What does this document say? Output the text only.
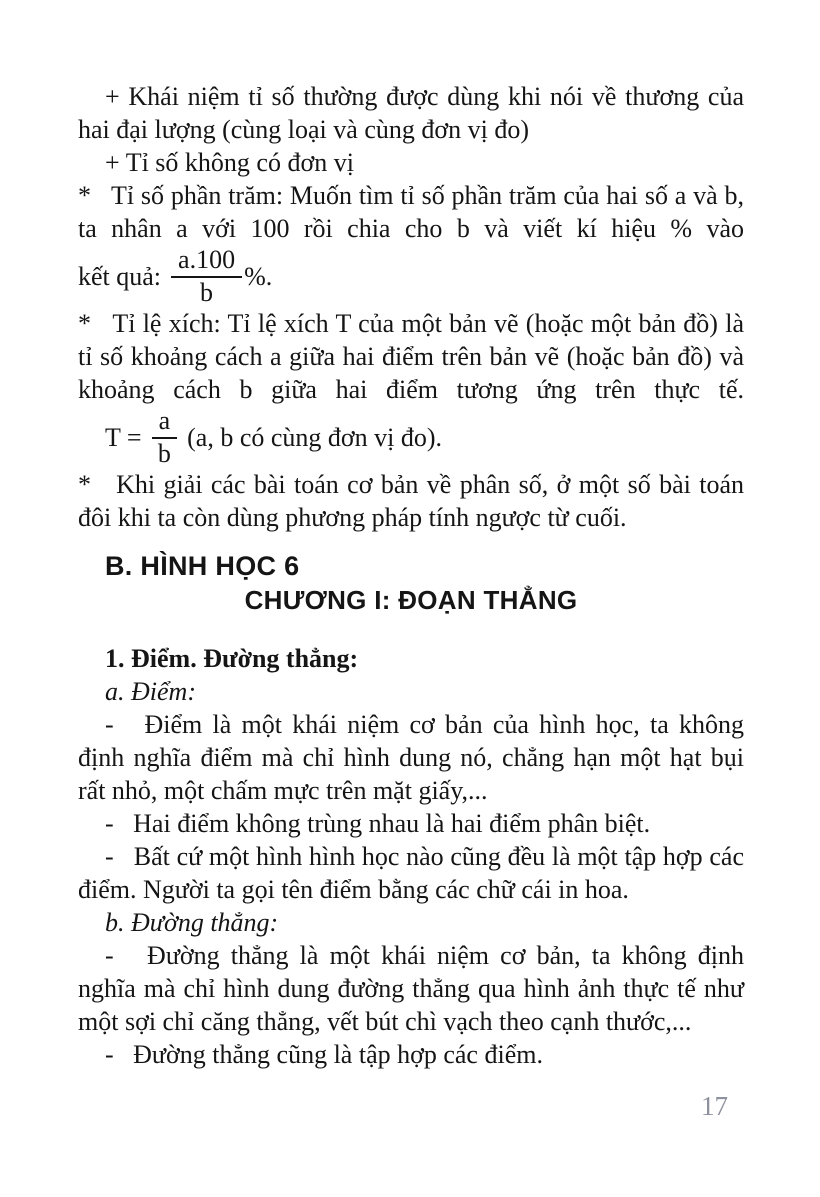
+ Khái niệm tỉ số thường được dùng khi nói về thương của hai đại lượng (cùng loại và cùng đơn vị đo)

+ Tỉ số không có đơn vị

*   Tỉ số phần trăm: Muốn tìm tỉ số phần trăm của hai số a và b, ta nhân a với 100 rồi chia cho b và viết kí hiệu % vào

kết quả: $\frac{a.100}{b}$ %.

*   Tỉ lệ xích: Tỉ lệ xích T của một bản vẽ (hoặc một bản đồ) là tỉ số khoảng cách a giữa hai điểm trên bản vẽ (hoặc bản đồ) và khoảng cách b giữa hai điểm tương ứng trên thực tế.

$T = \frac{a}{b} (a$, b có cùng đơn vị đo).

*   Khi giải các bài toán cơ bản về phân số, ở một số bài toán đôi khi ta còn dùng phương pháp tính ngược từ cuối.

B. HÌNH HỌC 6
CHƯƠNG I: ĐOẠN THẲNG

1. Điểm. Đường thẳng:

a. Điểm:

-   Điểm là một khái niệm cơ bản của hình học, ta không định nghĩa điểm mà chỉ hình dung nó, chẳng hạn một hạt bụi rất nhỏ, một chấm mực trên mặt giấy,...

-   Hai điểm không trùng nhau là hai điểm phân biệt.

-   Bất cứ một hình hình học nào cũng đều là một tập hợp các điểm. Người ta gọi tên điểm bằng các chữ cái in hoa.

b. Đường thẳng:

-   Đường thẳng là một khái niệm cơ bản, ta không định nghĩa mà chỉ hình dung đường thẳng qua hình ảnh thực tế như một sợi chỉ căng thẳng, vết bút chì vạch theo cạnh thước,...

-   Đường thẳng cũng là tập hợp các điểm.

17
